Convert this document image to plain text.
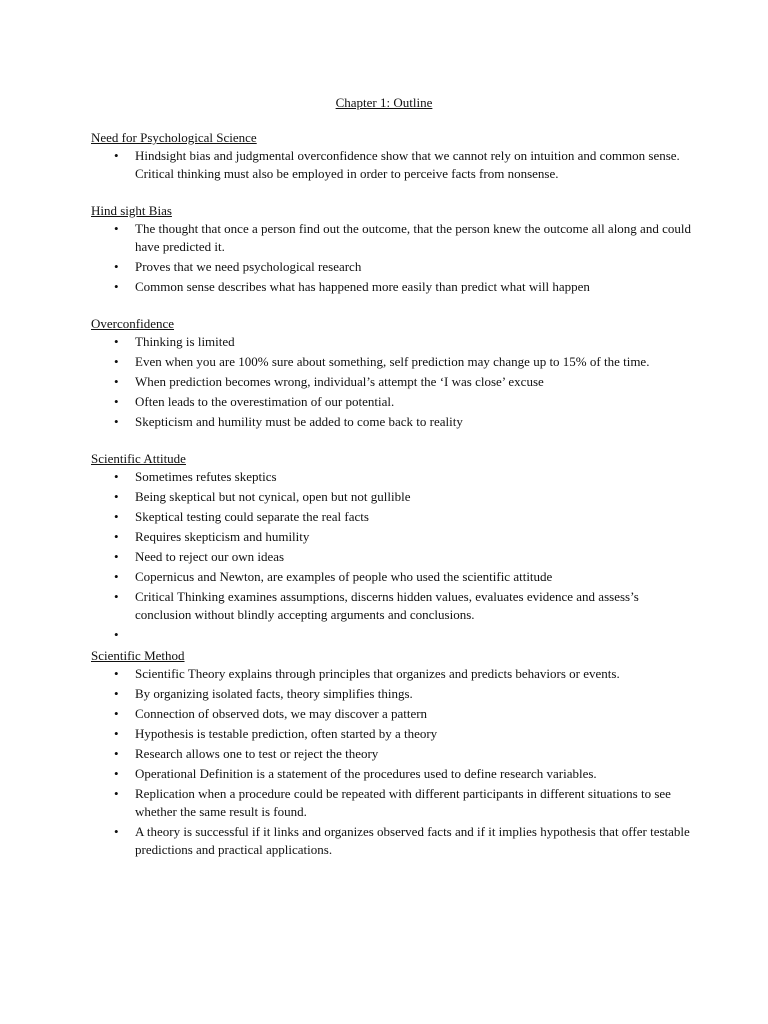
Chapter 1: Outline
Need for Psychological Science
• Hindsight bias and judgmental overconfidence show that we cannot rely on intuition and common sense. Critical thinking must also be employed in order to perceive facts from nonsense.
Hind sight Bias
• The thought that once a person find out the outcome, that the person knew the outcome all along and could have predicted it.
• Proves that we need psychological research
• Common sense describes what has happened more easily than predict what will happen
Overconfidence
• Thinking is limited
• Even when you are 100% sure about something, self prediction may change up to 15% of the time.
• When prediction becomes wrong, individual’s attempt the ‘I was close’ excuse
• Often leads to the overestimation of our potential.
• Skepticism and humility must be added to come back to reality
Scientific Attitude
• Sometimes refutes skeptics
• Being skeptical but not cynical, open but not gullible
• Skeptical testing could separate the real facts
• Requires skepticism and humility
• Need to reject our own ideas
• Copernicus and Newton, are examples of people who used the scientific attitude
• Critical Thinking examines assumptions, discerns hidden values, evaluates evidence and assess’s conclusion without blindly accepting arguments and conclusions.
•
Scientific Method
• Scientific Theory explains through principles that organizes and predicts behaviors or events.
• By organizing isolated facts, theory simplifies things.
• Connection of observed dots, we may discover a pattern
• Hypothesis is testable prediction, often started by a theory
• Research allows one to test or reject the theory
• Operational Definition is a statement of the procedures used to define research variables.
• Replication when a procedure could be repeated with different participants in different situations to see whether the same result is found.
• A theory is successful if it links and organizes observed facts and if it implies hypothesis that offer testable predictions and practical applications.
